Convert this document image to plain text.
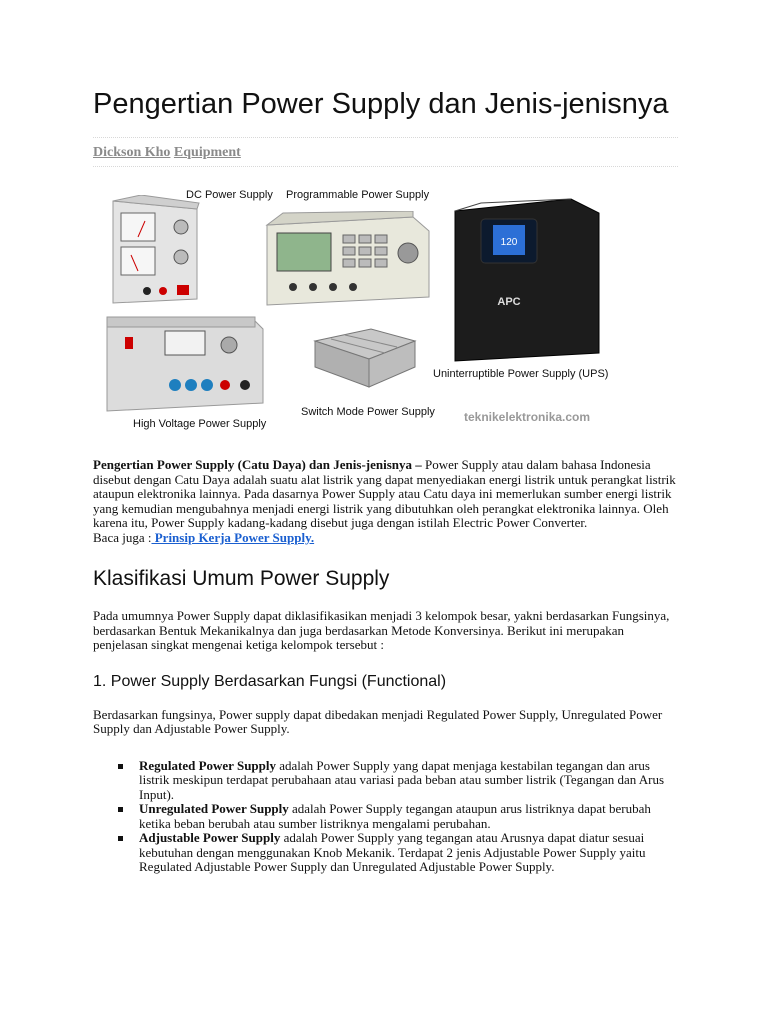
Pengertian Power Supply dan Jenis-jenisnya
Dickson Kho Equipment
DC Power Supply Programmable Power Supply
120
APC
Uninterruptible Power Supply (UPS)
High Voltage Power Supply
Switch Mode Power Supply teknikelektronika.com

Pengertian Power Supply (Catu Daya) dan Jenis-jenisnya – Power Supply atau dalam bahasa Indonesia disebut dengan Catu Daya adalah suatu alat listrik yang dapat menyediakan energi listrik untuk perangkat listrik ataupun elektronika lainnya. Pada dasarnya Power Supply atau Catu daya ini memerlukan sumber energi listrik yang kemudian mengubahnya menjadi energi listrik yang dibutuhkan oleh perangkat elektronika lainnya. Oleh karena itu, Power Supply kadang-kadang disebut juga dengan istilah Electric Power Converter.

Baca juga : Prinsip Kerja Power Supply.

Klasifikasi Umum Power Supply

Pada umumnya Power Supply dapat diklasifikasikan menjadi 3 kelompok besar, yakni berdasarkan Fungsinya, berdasarkan Bentuk Mekanikalnya dan juga berdasarkan Metode Konversinya. Berikut ini merupakan penjelasan singkat mengenai ketiga kelompok tersebut :

1. Power Supply Berdasarkan Fungsi (Functional)

Berdasarkan fungsinya, Power supply dapat dibedakan menjadi Regulated Power Supply, Unregulated Power Supply dan Adjustable Power Supply.

Regulated Power Supply adalah Power Supply yang dapat menjaga kestabilan tegangan dan arus listrik meskipun terdapat perubahaan atau variasi pada beban atau sumber listrik (Tegangan dan Arus Input).
Unregulated Power Supply adalah Power Supply tegangan ataupun arus listriknya dapat berubah ketika beban berubah atau sumber listriknya mengalami perubahan.
Adjustable Power Supply adalah Power Supply yang tegangan atau Arusnya dapat diatur sesuai kebutuhan dengan menggunakan Knob Mekanik. Terdapat 2 jenis Adjustable Power Supply yaitu Regulated Adjustable Power Supply dan Unregulated Adjustable Power Supply.
